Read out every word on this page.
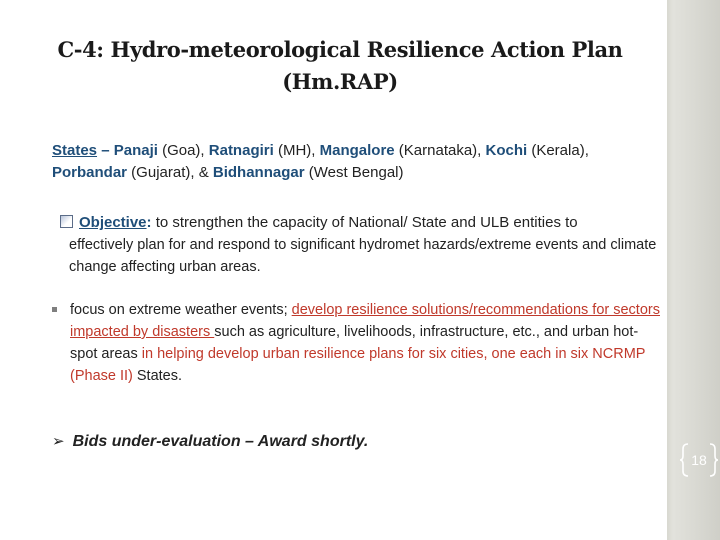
C-4: Hydro-meteorological Resilience Action Plan
(Hm.RAP)
States – Panaji (Goa), Ratnagiri (MH), Mangalore (Karnataka), Kochi (Kerala), Porbandar (Gujarat), & Bidhannagar (West Bengal)
Objective: to strengthen the capacity of National/ State and ULB entities to
effectively plan for and respond to significant hydromet hazards/extreme events and climate change affecting urban areas.
focus on extreme weather events; develop resilience solutions/recommendations for sectors impacted by disasters such as agriculture, livelihoods, infrastructure, etc., and urban hot-spot areas in helping develop urban resilience plans for six cities, one each in six NCRMP (Phase II) States.
➢ Bids under-evaluation – Award shortly.
18
